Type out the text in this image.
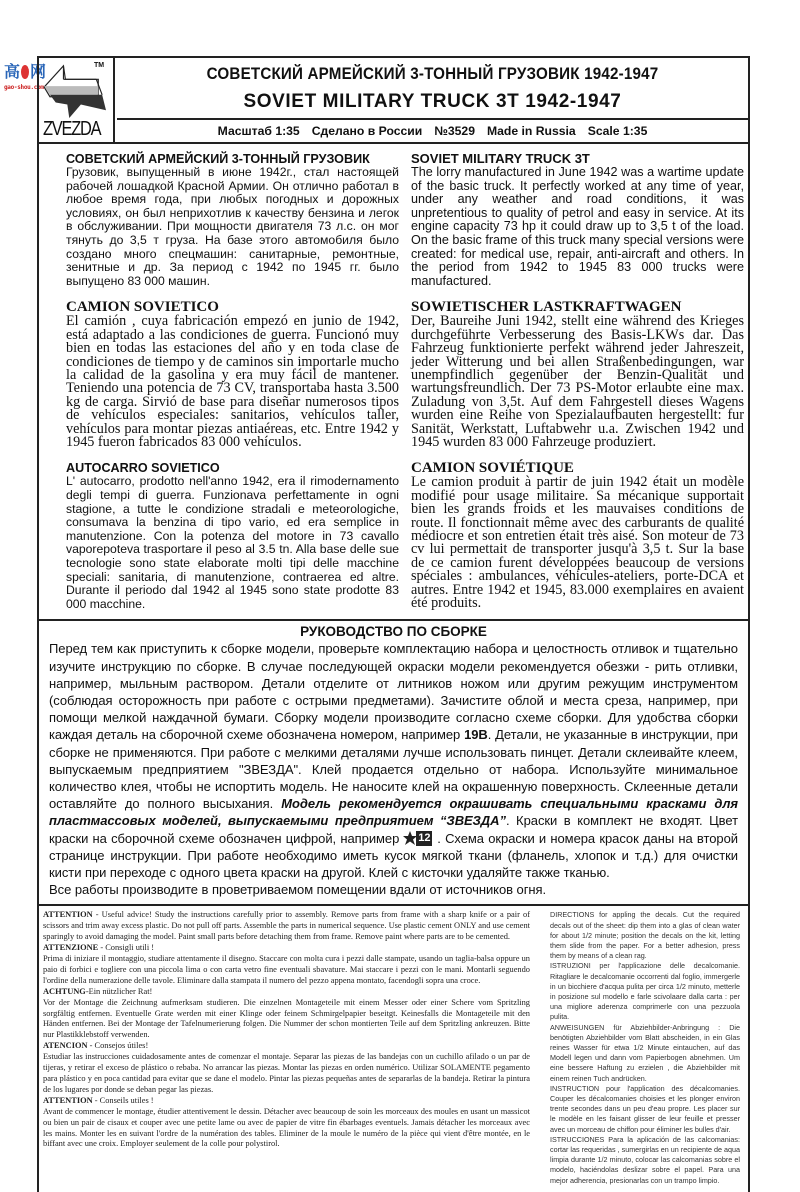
高 网
gao-shou.com
TM
ZVEZDA
СОВЕТСКИЙ АРМЕЙСКИЙ 3-ТОННЫЙ ГРУЗОВИК 1942-1947
SOVIET MILITARY TRUCK 3T 1942-1947
Масштаб 1:35 Сделано в России №3529 Made in Russia Scale 1:35
СОВЕТСКИЙ АРМЕЙСКИЙ 3-ТОННЫЙ ГРУЗОВИК

Грузовик, выпущенный в июне 1942г., стал настоящей рабочей лошадкой Красной Армии. Он отлично работал в любое время года, при любых погодных и дорожных условиях, он был неприхотлив к качеству бензина и легок в обслуживании. При мощности двигателя 73 л.с. он мог тянуть до 3,5 т груза. На базе этого автомобиля было создано много спецмашин: санитарные, ремонтные, зенитные и др. За период с 1942 по 1945 гг. было выпущено 83 000 машин.

SOVIET MILITARY TRUCK 3T

The lorry manufactured in June 1942 was a wartime update of the basic truck. It perfectly worked at any time of year, under any weather and road conditions, it was unpretentious to quality of petrol and easy in service. At its engine capacity 73 hp it could draw up to 3,5 t of the load. On the basic frame of this truck many special versions were created: for medical use, repair, anti-aircraft and others. In the period from 1942 to 1945 83 000 trucks were manufactured.

CAMION SOVIETICO

El camión , cuya fabricación empezó en junio de 1942, está adaptado a las condiciones de guerra. Funcionó muy bien en todas las estaciones del año y en toda clase de condiciones de tiempo y de caminos sin importarle mucho la calidad de la gasolina y era muy fácil de mantener. Teniendo una potencia de 73 CV, transportaba hasta 3.500 kg de carga. Sirvió de base para diseñar numerosos tipos de vehículos especiales: sanitarios, vehículos taller, vehículos para montar piezas antiaéreas, etc. Entre 1942 y 1945 fueron fabricados 83 000 vehículos.

SOWIETISCHER LASTKRAFTWAGEN

Der, Baureihe Juni 1942, stellt eine während des Krieges durchgeführte Verbesserung des Basis-LKWs dar. Das Fahrzeug funktionierte perfekt während jeder Jahreszeit, jeder Witterung und bei allen Straßenbedingungen, war unempfindlich gegenüber der Benzin-Qualität und wartungsfreundlich. Der 73 PS-Motor erlaubte eine max. Zuladung von 3,5t. Auf dem Fahrgestell dieses Wagens wurden eine Reihe von Spezialaufbauten hergestellt: fur Sanität, Werkstatt, Luftabwehr u.a. Zwischen 1942 und 1945 wurden 83 000 Fahrzeuge produziert.

AUTOCARRO SOVIETICO

L' autocarro, prodotto nell'anno 1942, era il rimodernamento degli tempi di guerra. Funzionava perfettamente in ogni stagione, a tutte le condizione stradali e meteorologiche, consumava la benzina di tipo vario, ed era semplice in manutenzione. Con la potenza del motore in 73 cavallo vaporepoteva trasportare il peso al 3.5 tn. Alla base delle sue tecnologie sono state elaborate molti tipi delle macchine speciali: sanitaria, di manutenzione, contraerea ed altre. Durante il periodo dal 1942 al 1945 sono state prodotte 83 000 macchine.

CAMION SOVIÉTIQUE

Le camion produit à partir de juin 1942 était un modèle modifié pour usage militaire. Sa mécanique supportait bien les grands froids et les mauvaises conditions de route. Il fonctionnait même avec des carburants de qualité médiocre et son entretien était très aisé. Son moteur de 73 cv lui permettait de transporter jusqu'à 3,5 t. Sur la base de ce camion furent développées beaucoup de versions spéciales : ambulances, véhicules-ateliers, porte-DCA et autres. Entre 1942 et 1945, 83.000 exemplaires en avaient été produits.

РУКОВОДСТВО ПО СБОРКЕ

Перед тем как приступить к сборке модели, проверьте комплектацию набора и целостность отливок и тщательно изучите инструкцию по сборке. В случае последующей окраски модели рекомендуется обезжи - рить отливки, например, мыльным раствором. Детали отделите от литников ножом или другим режущим инструментом (соблюдая осторожность при работе с острыми предметами). Зачистите облой и места среза, например, при помощи мелкой наждачной бумаги. Сборку модели производите согласно схеме сборки. Для удобства сборки каждая деталь на сборочной схеме обозначена номером, например 19B. Детали, не указанные в инструкции, при сборке не применяются. При работе с мелкими деталями лучше использовать пинцет. Детали склеивайте клеем, выпускаемым предприятием "ЗВЕЗДА". Клей продается отдельно от набора. Используйте минимальное количество клея, чтобы не испортить модель. Не наносите клей на окрашенную поверхность. Склеенные детали оставляйте до полного высыхания. Модель рекомендуется окрашивать специальными красками для пластмассовых моделей, выпускаемыми предприятием “ЗВЕЗДА”. Краски в комплект не входят. Цвет краски на сборочной схеме обозначен цифрой, например 12 . Схема окраски и номера красок даны на второй странице инструкции. При работе необходимо иметь кусок мягкой ткани (фланель, хлопок и т.д.) для очистки кисти при переходе с одного цвета краски на другой. Клей с кисточки удаляйте также тканью.

Все работы производите в проветриваемом помещении вдали от источников огня.

ATTENTION - Useful advice! Study the instructions carefully prior to assembly. Remove parts from frame with a sharp knife or a pair of scissors and trim away excess plastic. Do not pull off parts. Assemble the parts in numerical sequence. Use plastic cement ONLY and use cement sparingly to avoid damaging the model. Paint small parts before detaching them from frame. Remove paint where parts are to be cemented.
ATTENZIONE - Consigli utili !
Prima di iniziare il montaggio, studiare attentamente il disegno. Staccare con molta cura i pezzi dalle stampate, usando un taglia-balsa oppure un paio di forbici e togliere con una piccola lima o con carta vetro fine eventuali sbavature. Mai staccare i pezzi con le mani. Montarli seguendo l'ordine della numerazione delle tavole. Eliminare dalla stampata il numero del pezzo appena montato, facendogli sopra una croce.
ACHTUNG-Ein nützlicher Rat!
Vor der Montage die Zeichnung aufmerksam studieren. Die einzelnen Montageteile mit einem Messer oder einer Schere vom Spritzling sorgfältig entfernen. Eventuelle Grate werden mit einer Klinge oder feinem Schmirgelpapier beseitgt. Keinesfalls die Montageteile mit den Händen entfernen. Bei der Montage der Tafelnumerierung folgen. Die Nummer der schon montierten Teile auf dem Spritzling ankreuzen. Bitte nur Plastikklebstoff verwenden.
ATENCION - Consejos útiles!
Estudiar las instrucciones cuidadosamente antes de comenzar el montaje. Separar las piezas de las bandejas con un cuchillo afilado o un par de tijeras, y retirar el exceso de plástico o rebaba. No arrancar las piezas. Montar las piezas en orden numérico. Utilizar SOLAMENTE pegamento para plástico y en poca cantidad para evitar que se dane el modelo. Pintar las piezas pequeñas antes de separarlas de la bandeja. Retirar la pintura de los lugares por donde se deban pegar las piezas.
ATTENTION - Conseils utiles !
Avant de commencer le montage, étudier attentivement le dessin. Détacher avec beaucoup de soin les morceaux des moules en usant un massicot ou bien un pair de cisaux et couper avec une petite lame ou avec de papier de vitre fin ébarbages eventuels. Jamais détacher les morceaux avec les mains. Monter les en suivant l'ordre de la numération des tables. Eliminer de la moule le numéro de la pièce qui vient d'être montée, en le biffant avec une croix. Employer seulement de la colle pour polystirol.
DIRECTIONS for appling the decals. Cut the required decals out of the sheet: dip them into a glas of clean water for about 1/2 minute; position the decals on the kit, letting them slide from the paper. For a better adhesion, press them by means of a clean rag.
ISTRUZIONI per l'applicazione delle decalcomanie. Ritagliare le decalcomanie occorrenti dal foglio, immergerle in un bicchiere d'acqua pulita per circa 1/2 minuto, metterle in posizione sul modello e farle scivolaare dalla carta : per una migliore aderenza comprimerle con una pezzuola pulita.
ANWEISUNGEN für Abziehbilder-Anbringung : Die benötigten Abziehbilder vom Blatt abscheiden, in ein Glas reines Wasser für etwa 1/2 Minute eintauchen, auf das Modell legen und dann vom Papierbogen abnehmen. Um eine bessere Haftung zu erzielen , die Abziehbilder mit einem reinen Tuch andrücken.
INSTRUCTION pour l'application des décalcomanies. Couper les décalcomanies choisies et les plonger environ trente secondes dans un peu d'eau propre. Les placer sur le modèle en les faisant glisser de leur feuille et presser avec un morceau de chiffon pour éliminer les bulles d'air.
ISTRUCCIONES Para la aplicación de las calcomanias: cortar las requeridas , sumergirlas en un recipiente de aqua limpia durante 1/2 minuto, colocar las calcomanias sobre el modelo, haciéndolas deslizar sobre el papel. Para una mejor adherencia, presionarlas con un trampo limpio.
